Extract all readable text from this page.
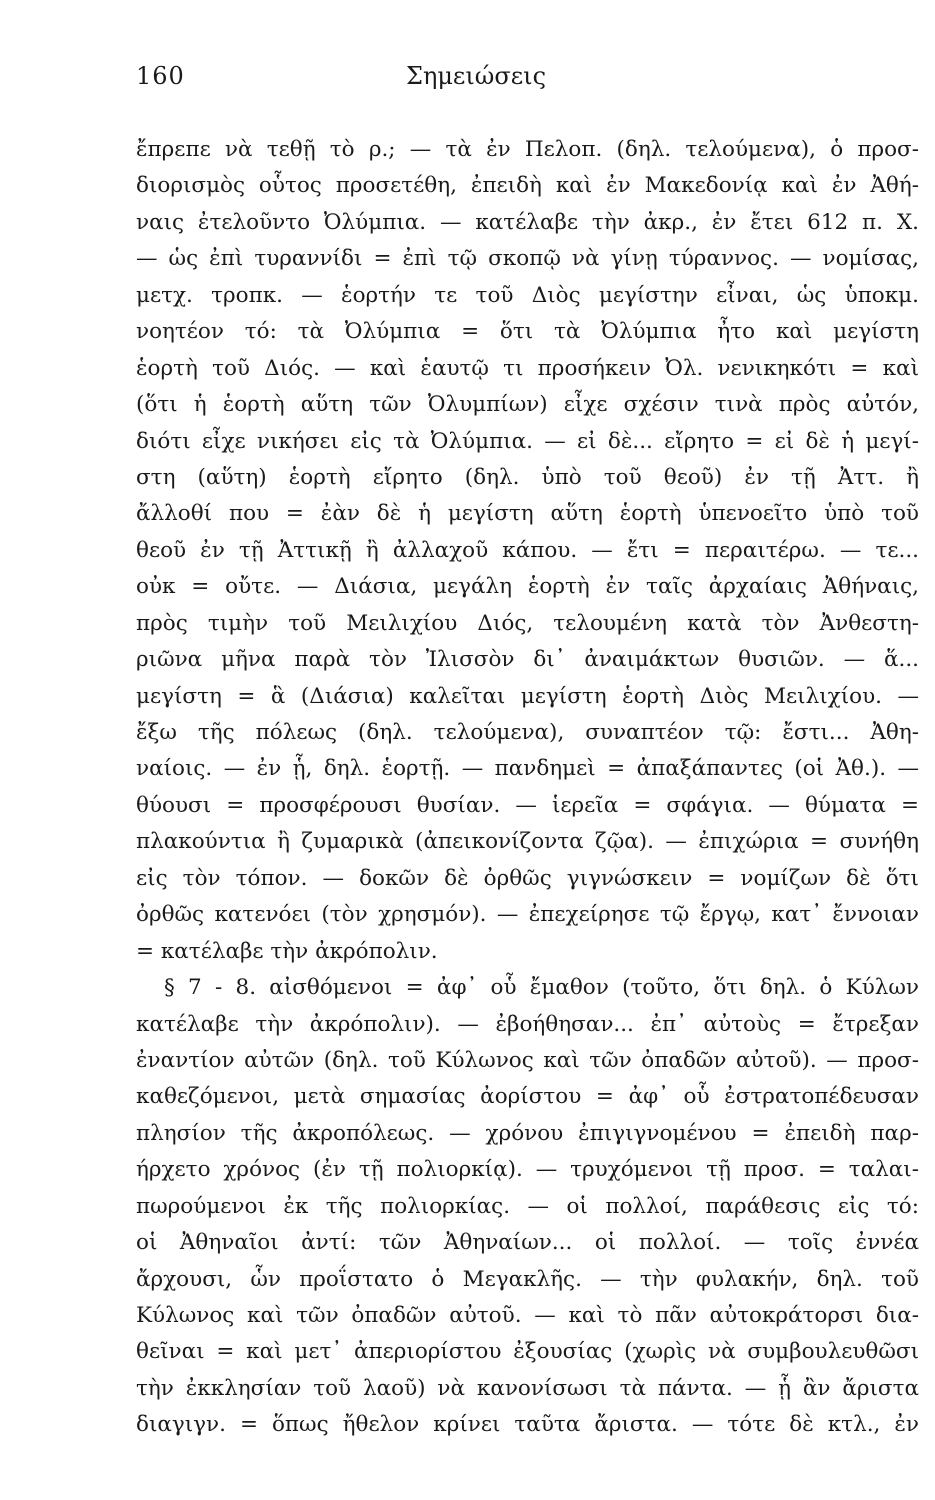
160	Σημειώσεις
ἔπρεπε νὰ τεθῇ τὸ ρ.; — τὰ ἐν Πελοπ. (δηλ. τελούμενα), ὁ προσ-
διορισμὸς οὗτος προσετέθη, ἐπειδὴ καὶ ἐν Μακεδονίᾳ καὶ ἐν Ἀθή-
ναις ἐτελοῦντο Ὀλύμπια. — κατέλαβε τὴν ἀκρ., ἐν ἔτει 612 π. Χ.
— ὡς ἐπὶ τυραννίδι = ἐπὶ τῷ σκοπῷ νὰ γίνῃ τύραννος. — νομίσας,
μετχ. τροπκ. — ἑορτήν τε τοῦ Διὸς μεγίστην εἶναι, ὡς ὑποκμ.
νοητέον τό: τὰ Ὀλύμπια = ὅτι τὰ Ὀλύμπια ἦτο καὶ μεγίστη
ἑορτὴ τοῦ Διός. — καὶ ἑαυτῷ τι προσήκειν Ὀλ. νενικηκότι = καὶ
(ὅτι ἡ ἑορτὴ αὕτη τῶν Ὀλυμπίων) εἶχε σχέσιν τινὰ πρὸς αὐτόν,
διότι εἶχε νικήσει εἰς τὰ Ὀλύμπια. — εἰ δὲ... εἴρητο = εἰ δὲ ἡ μεγί-
στη (αὕτη) ἑορτὴ εἴρητο (δηλ. ὑπὸ τοῦ θεοῦ) ἐν τῇ Ἀττ. ἢ
ἄλλοθί που = ἐὰν δὲ ἡ μεγίστη αὕτη ἑορτὴ ὑπενοεῖτο ὑπὸ τοῦ
θεοῦ ἐν τῇ Ἀττικῇ ἢ ἀλλαχοῦ κάπου. — ἔτι = περαιτέρω. — τε...
οὐκ = οὔτε. — Διάσια, μεγάλη ἑορτὴ ἐν ταῖς ἀρχαίαις Ἀθήναις,
πρὸς τιμὴν τοῦ Μειλιχίου Διός, τελουμένη κατὰ τὸν Ἀνθεστη-
ριῶνα μῆνα παρὰ τὸν Ἰλισσὸν δι᾽ ἀναιμάκτων θυσιῶν. — ἅ...
μεγίστη = ἃ (Διάσια) καλεῖται μεγίστη ἑορτὴ Διὸς Μειλιχίου. —
ἔξω τῆς πόλεως (δηλ. τελούμενα), συναπτέον τῷ: ἔστι... Ἀθη-
ναίοις. — ἐν ᾗ, δηλ. ἑορτῇ. — πανδημεὶ = ἀπαξάπαντες (οἱ Ἀθ.). —
θύουσι = προσφέρουσι θυσίαν. — ἱερεῖα = σφάγια. — θύματα =
πλακούντια ἢ ζυμαρικὰ (ἀπεικονίζοντα ζῷα). — ἐπιχώρια = συνήθη
εἰς τὸν τόπον. — δοκῶν δὲ ὀρθῶς γιγνώσκειν = νομίζων δὲ ὅτι
ὀρθῶς κατενόει (τὸν χρησμόν). — ἐπεχείρησε τῷ ἔργῳ, κατ᾽ ἔννοιαν
= κατέλαβε τὴν ἀκρόπολιν.
§ 7 - 8. αἰσθόμενοι = ἀφ᾽ οὗ ἔμαθον (τοῦτο, ὅτι δηλ. ὁ Κύλων
κατέλαβε τὴν ἀκρόπολιν). — ἐβοήθησαν... ἐπ᾽ αὐτοὺς = ἔτρεξαν
ἐναντίον αὐτῶν (δηλ. τοῦ Κύλωνος καὶ τῶν ὀπαδῶν αὐτοῦ). — προσ-
καθεζόμενοι, μετὰ σημασίας ἀορίστου = ἀφ᾽ οὗ ἐστρατοπέδευσαν
πλησίον τῆς ἀκροπόλεως. — χρόνου ἐπιγιγνομένου = ἐπειδὴ παρ-
ήρχετο χρόνος (ἐν τῇ πολιορκίᾳ). — τρυχόμενοι τῇ προσ. = ταλαι-
πωρούμενοι ἐκ τῆς πολιορκίας. — οἱ πολλοί, παράθεσις εἰς τό:
οἱ Ἀθηναῖοι ἀντί: τῶν Ἀθηναίων... οἱ πολλοί. — τοῖς ἐννέα
ἄρχουσι, ὧν προΐστατο ὁ Μεγακλῆς. — τὴν φυλακήν, δηλ. τοῦ
Κύλωνος καὶ τῶν ὀπαδῶν αὐτοῦ. — καὶ τὸ πᾶν αὐτοκράτορσι δια-
θεῖναι = καὶ μετ᾽ ἀπεριορίστου ἐξουσίας (χωρὶς νὰ συμβουλευθῶσι
τὴν ἐκκλησίαν τοῦ λαοῦ) νὰ κανονίσωσι τὰ πάντα. — ᾗ ἂν ἄριστα
διαγιγν. = ὅπως ἤθελον κρίνει ταῦτα ἄριστα. — τότε δὲ κτλ., ἐν
